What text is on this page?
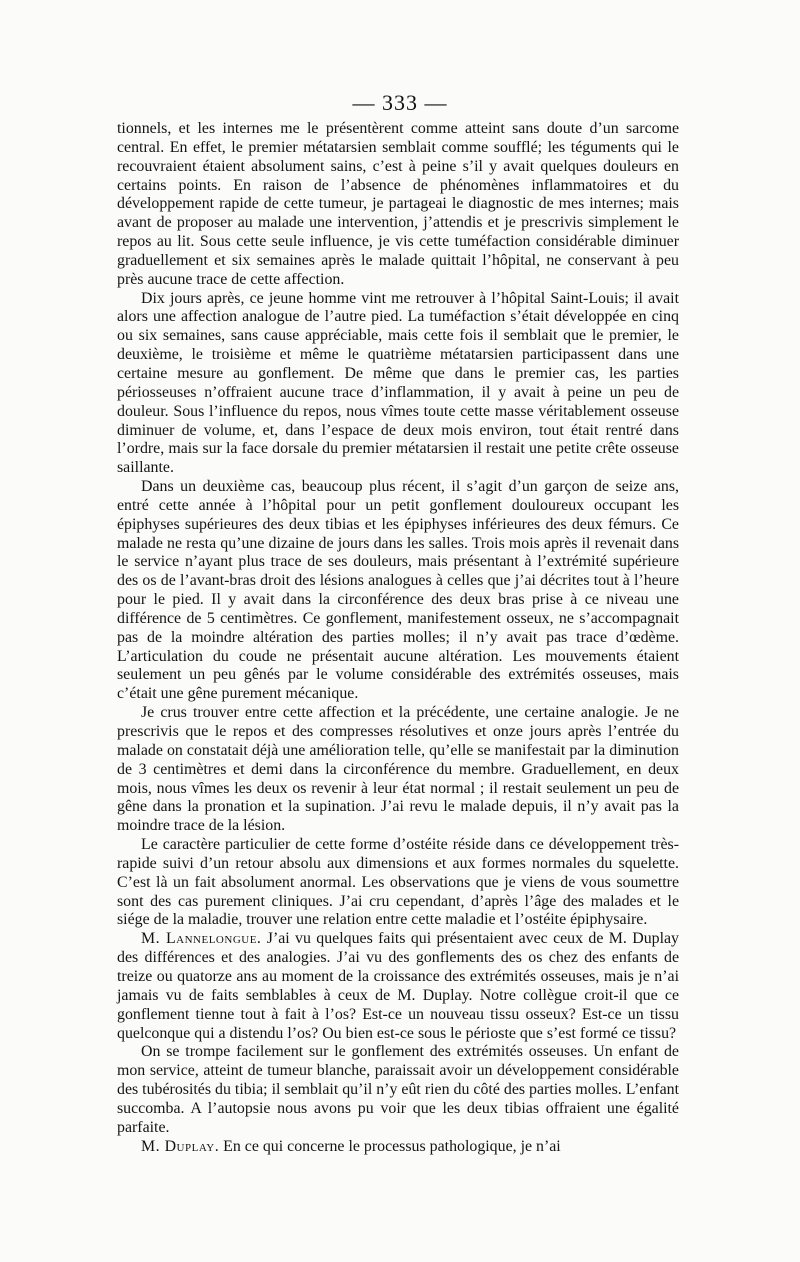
— 333 —

tionnels, et les internes me le présentèrent comme atteint sans doute d’un sarcome central. En effet, le premier métatarsien semblait comme soufflé; les téguments qui le recouvraient étaient absolument sains, c’est à peine s’il y avait quelques douleurs en certains points. En raison de l’absence de phénomènes inflammatoires et du développement rapide de cette tumeur, je partageai le diagnostic de mes internes; mais avant de proposer au malade une intervention, j’attendis et je prescrivis simplement le repos au lit. Sous cette seule influence, je vis cette tuméfaction considérable diminuer graduellement et six semaines après le malade quittait l’hôpital, ne conservant à peu près aucune trace de cette affection.

Dix jours après, ce jeune homme vint me retrouver à l’hôpital Saint-Louis; il avait alors une affection analogue de l’autre pied. La tuméfaction s’était développée en cinq ou six semaines, sans cause appréciable, mais cette fois il semblait que le premier, le deuxième, le troisième et même le quatrième métatarsien participassent dans une certaine mesure au gonflement. De même que dans le premier cas, les parties périosseuses n’offraient aucune trace d’inflammation, il y avait à peine un peu de douleur. Sous l’influence du repos, nous vîmes toute cette masse véritablement osseuse diminuer de volume, et, dans l’espace de deux mois environ, tout était rentré dans l’ordre, mais sur la face dorsale du premier métatarsien il restait une petite crête osseuse saillante.

Dans un deuxième cas, beaucoup plus récent, il s’agit d’un garçon de seize ans, entré cette année à l’hôpital pour un petit gonflement douloureux occupant les épiphyses supérieures des deux tibias et les épiphyses inférieures des deux fémurs. Ce malade ne resta qu’une dizaine de jours dans les salles. Trois mois après il revenait dans le service n’ayant plus trace de ses douleurs, mais présentant à l’extrémité supérieure des os de l’avant-bras droit des lésions analogues à celles que j’ai décrites tout à l’heure pour le pied. Il y avait dans la circonférence des deux bras prise à ce niveau une différence de 5 centimètres. Ce gonflement, manifestement osseux, ne s’accompagnait pas de la moindre altération des parties molles; il n’y avait pas trace d’œdème. L’articulation du coude ne présentait aucune altération. Les mouvements étaient seulement un peu gênés par le volume considérable des extrémités osseuses, mais c’était une gêne purement mécanique.

Je crus trouver entre cette affection et la précédente, une certaine analogie. Je ne prescrivis que le repos et des compresses résolutives et onze jours après l’entrée du malade on constatait déjà une amélioration telle, qu’elle se manifestait par la diminution de 3 centimètres et demi dans la circonférence du membre. Graduellement, en deux mois, nous vîmes les deux os revenir à leur état normal ; il restait seulement un peu de gêne dans la pronation et la supination. J’ai revu le malade depuis, il n’y avait pas la moindre trace de la lésion.

Le caractère particulier de cette forme d’ostéite réside dans ce développement très-rapide suivi d’un retour absolu aux dimensions et aux formes normales du squelette. C’est là un fait absolument anormal. Les observations que je viens de vous soumettre sont des cas purement cliniques. J’ai cru cependant, d’après l’âge des malades et le siége de la maladie, trouver une relation entre cette maladie et l’ostéite épiphysaire.

M. Lannelongue. J’ai vu quelques faits qui présentaient avec ceux de M. Duplay des différences et des analogies. J’ai vu des gonflements des os chez des enfants de treize ou quatorze ans au moment de la croissance des extrémités osseuses, mais je n’ai jamais vu de faits semblables à ceux de M. Duplay. Notre collègue croit-il que ce gonflement tienne tout à fait à l’os? Est-ce un nouveau tissu osseux? Est-ce un tissu quelconque qui a distendu l’os? Ou bien est-ce sous le périoste que s’est formé ce tissu?

On se trompe facilement sur le gonflement des extrémités osseuses. Un enfant de mon service, atteint de tumeur blanche, paraissait avoir un développement considérable des tubérosités du tibia; il semblait qu’il n’y eût rien du côté des parties molles. L’enfant succomba. A l’autopsie nous avons pu voir que les deux tibias offraient une égalité parfaite.

M. Duplay. En ce qui concerne le processus pathologique, je n’ai
